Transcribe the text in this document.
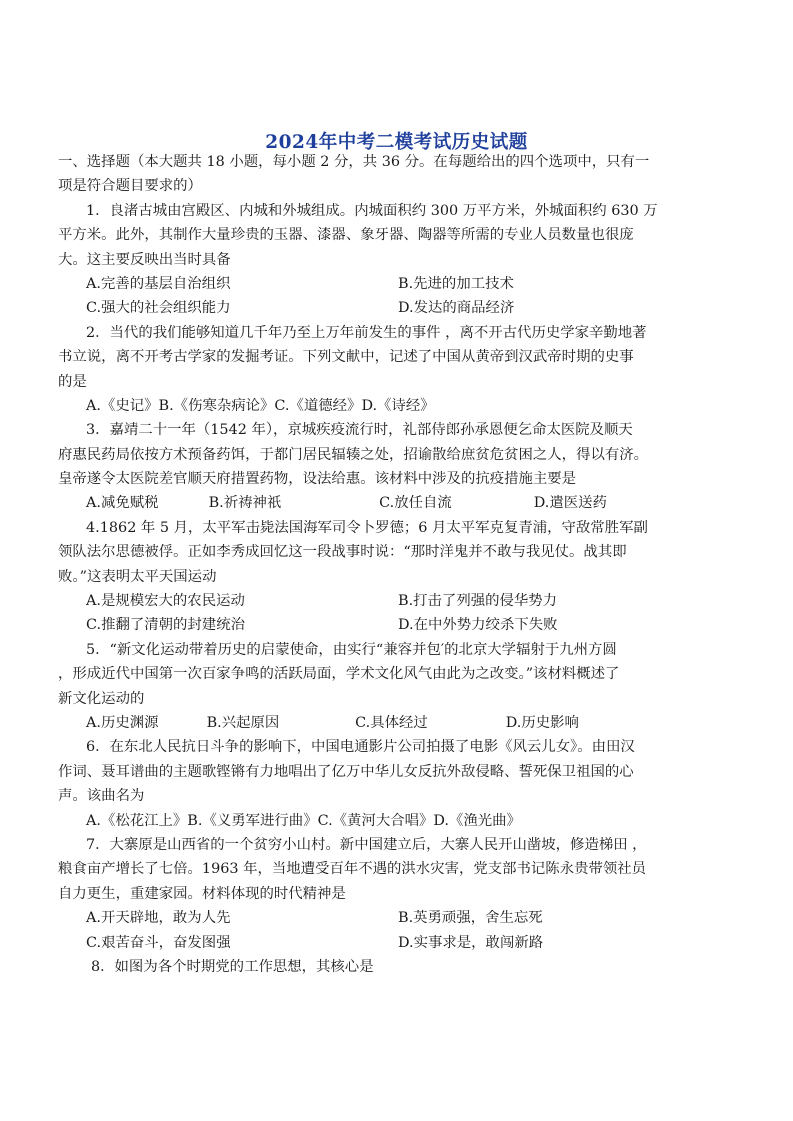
2024年中考二模考试历史试题
一、选择题（本大题共 18 小题，每小题 2 分，共 36 分。在每题给出的四个选项中，只有一
项是符合题目要求的）
1．良渚古城由宫殿区、内城和外城组成。内城面积约 300 万平方米，外城面积约 630 万
平方米。此外，其制作大量珍贵的玉器、漆器、象牙器、陶器等所需的专业人员数量也很庞
大。这主要反映出当时具备
A.完善的基层自治组织	B.先进的加工技术
C.强大的社会组织能力	D.发达的商品经济
2．当代的我们能够知道几千年乃至上万年前发生的事件 ，离不开古代历史学家辛勤地著
书立说，离不开考古学家的发掘考证。下列文献中，记述了中国从黄帝到汉武帝时期的史事
的是
A.《史记》B.《伤寒杂病论》C.《道德经》D.《诗经》
3．嘉靖二十一年（1542 年），京城疾疫流行时，礼部侍郎孙承恩便乞命太医院及顺天
府惠民药局依按方术预备药饵，于都门居民辐辏之处，招谕散给庶贫危贫困之人，得以有济。
皇帝遂令太医院差官顺天府措置药物，设法给惠。该材料中涉及的抗疫措施主要是
A.减免赋税	B.祈祷神祇	C.放任自流	D.遣医送药
4.1862 年 5 月，太平军击毙法国海军司令卜罗德；6 月太平军克复青浦，守敌常胜军副
领队法尔思德被俘。正如李秀成回忆这一段战事时说：“那时洋鬼并不敢与我见仗。战其即
败。”这表明太平天国运动
A.是规模宏大的农民运动	B.打击了列强的侵华势力
C.推翻了清朝的封建统治	D.在中外势力绞杀下失败
5．“新文化运动带着历史的启蒙使命，由实行“兼容并包′的北京大学辐射于九州方圆
，形成近代中国第一次百家争鸣的活跃局面，学术文化风气由此为之改变。”该材料概述了
新文化运动的
A.历史渊源	B.兴起原因	C.具体经过	D.历史影响
6．在东北人民抗日斗争的影响下，中国电通影片公司拍摄了电影《风云儿女》。由田汉
作词、聂耳谱曲的主题歌铿锵有力地唱出了亿万中华儿女反抗外敌侵略、誓死保卫祖国的心
声。该曲名为
A.《松花江上》B.《义勇军进行曲》C.《黄河大合唱》D.《渔光曲》
7．大寨原是山西省的一个贫穷小山村。新中国建立后，大寨人民开山凿坡，修造梯田 ，
粮食亩产增长了七倍。1963 年，当地遭受百年不遇的洪水灾害，党支部书记陈永贵带领社员
自力更生，重建家园。材料体现的时代精神是
A.开天辟地，敢为人先	B.英勇顽强，舍生忘死
C.艰苦奋斗，奋发图强	D.实事求是，敢闯新路
8．如图为各个时期党的工作思想，其核心是
